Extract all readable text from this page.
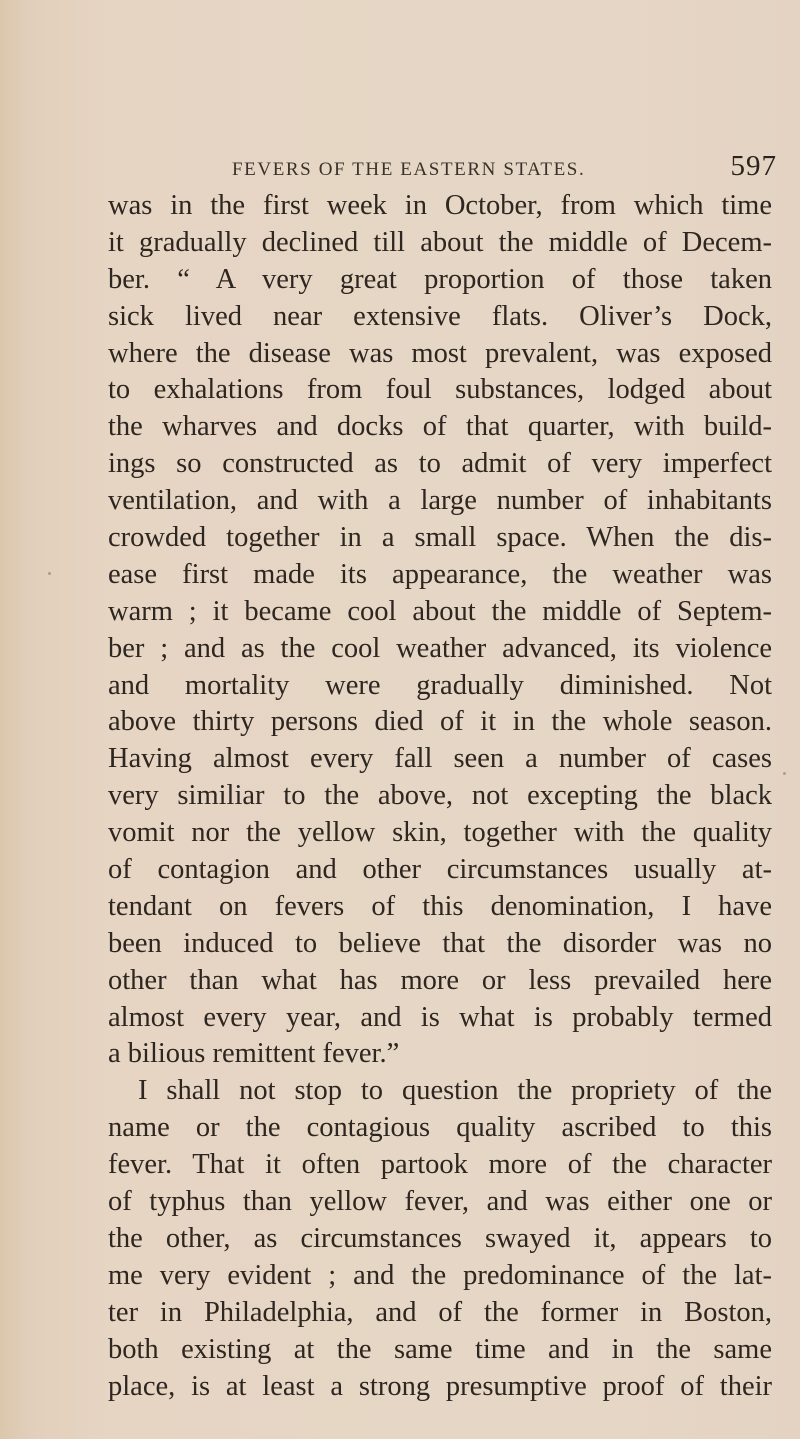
FEVERS OF THE EASTERN STATES.	597
was in the first week in October, from which time
it gradually declined till about the middle of Decem-
ber. “ A very great proportion of those taken
sick lived near extensive flats. Oliver’s Dock,
where the disease was most prevalent, was exposed
to exhalations from foul substances, lodged about
the wharves and docks of that quarter, with build-
ings so constructed as to admit of very imperfect
ventilation, and with a large number of inhabitants
crowded together in a small space. When the dis-
ease first made its appearance, the weather was
warm ; it became cool about the middle of Septem-
ber ; and as the cool weather advanced, its violence
and mortality were gradually diminished. Not
above thirty persons died of it in the whole season.
Having almost every fall seen a number of cases
very similiar to the above, not excepting the black
vomit nor the yellow skin, together with the quality
of contagion and other circumstances usually at-
tendant on fevers of this denomination, I have
been induced to believe that the disorder was no
other than what has more or less prevailed here
almost every year, and is what is probably termed
a bilious remittent fever.”
I shall not stop to question the propriety of the
name or the contagious quality ascribed to this
fever. That it often partook more of the character
of typhus than yellow fever, and was either one or
the other, as circumstances swayed it, appears to
me very evident ; and the predominance of the lat-
ter in Philadelphia, and of the former in Boston,
both existing at the same time and in the same
place, is at least a strong presumptive proof of their
